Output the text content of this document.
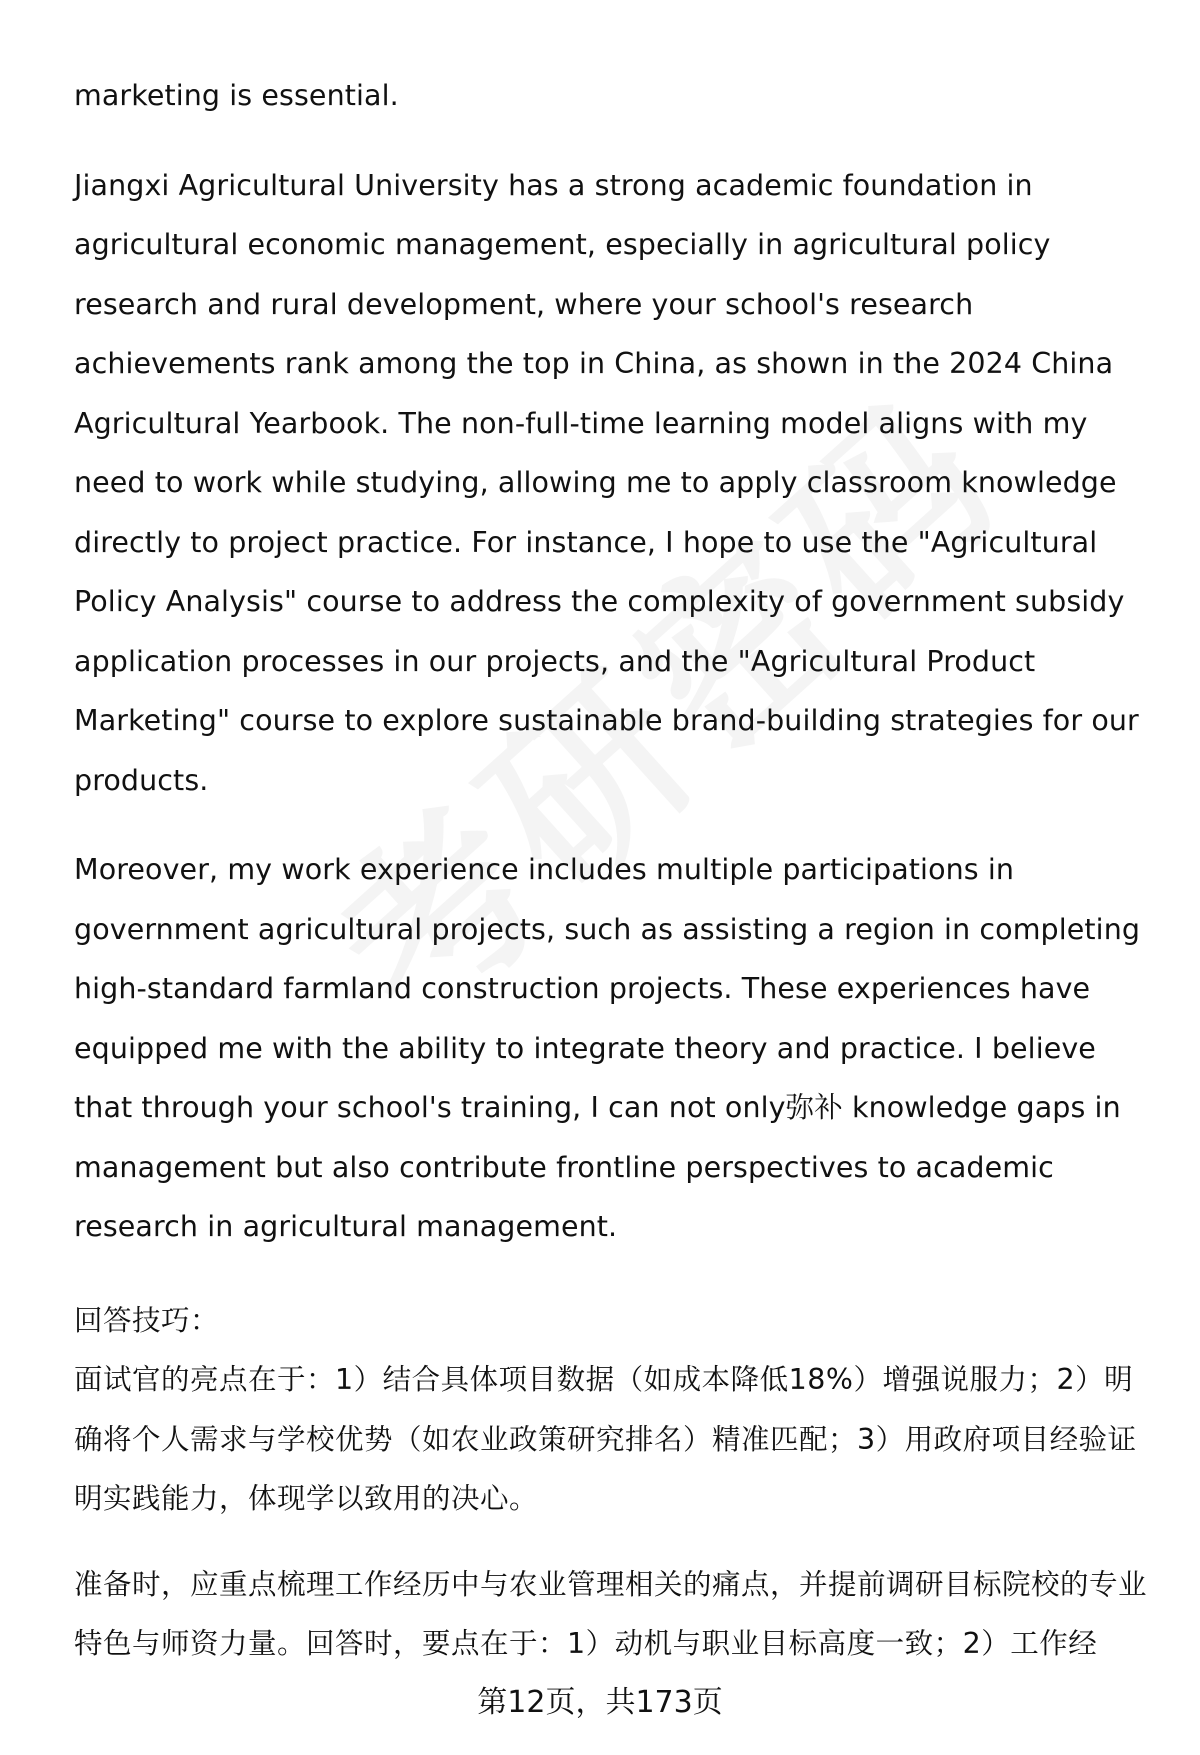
marketing is essential.

Jiangxi Agricultural University has a strong academic foundation in agricultural economic management, especially in agricultural policy research and rural development, where your school's research achievements rank among the top in China, as shown in the 2024 China Agricultural Yearbook. The non-full-time learning model aligns with my need to work while studying, allowing me to apply classroom knowledge directly to project practice. For instance, I hope to use the "Agricultural Policy Analysis" course to address the complexity of government subsidy application processes in our projects, and the "Agricultural Product Marketing" course to explore sustainable brand-building strategies for our products.

Moreover, my work experience includes multiple participations in government agricultural projects, such as assisting a region in completing high-standard farmland construction projects. These experiences have equipped me with the ability to integrate theory and practice. I believe that through your school's training, I can not only弥补 knowledge gaps in management but also contribute frontline perspectives to academic research in agricultural management.

回答技巧：

面试官的亮点在于：1）结合具体项目数据（如成本降低18%）增强说服力；2）明确将个人需求与学校优势（如农业政策研究排名）精准匹配；3）用政府项目经验证明实践能力，体现学以致用的决心。

准备时，应重点梳理工作经历中与农业管理相关的痛点，并提前调研目标院校的专业特色与师资力量。回答时，要点在于：1）动机与职业目标高度一致；2）工作经

第12页，共173页
